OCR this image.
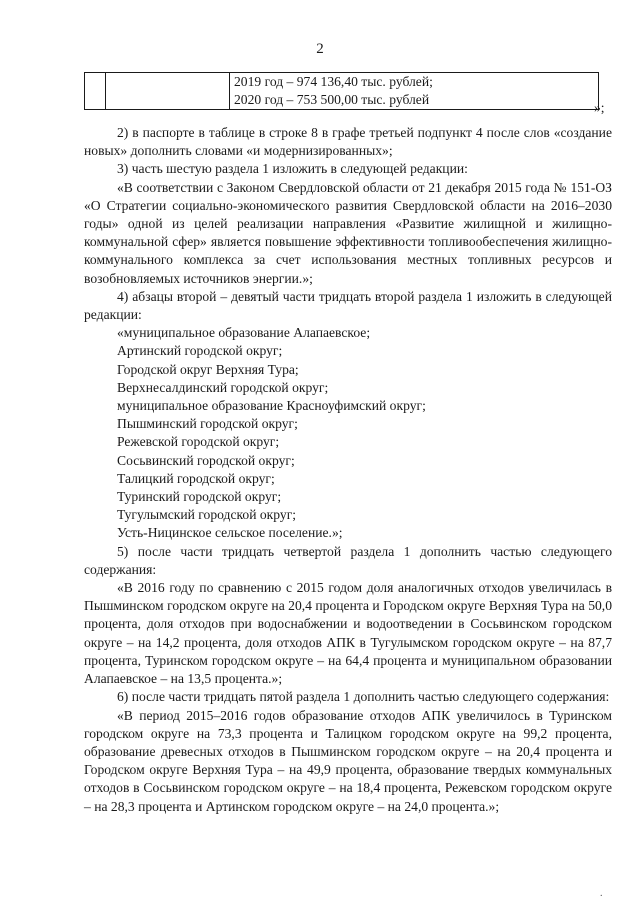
2

2019 год – 974 136,40 тыс. рублей;
2020 год – 753 500,00 тыс. рублей
»;

2) в паспорте в таблице в строке 8 в графе третьей подпункт 4 после слов «создание новых» дополнить словами «и модернизированных»;

3) часть шестую раздела 1 изложить в следующей редакции:

«В соответствии с Законом Свердловской области от 21 декабря 2015 года № 151-ОЗ «О Стратегии социально-экономического развития Свердловской области на 2016–2030 годы» одной из целей реализации направления «Развитие жилищной и жилищно-коммунальной сфер» является повышение эффективности топливообеспечения жилищно-коммунального комплекса за счет использования местных топливных ресурсов и возобновляемых источников энергии.»;

4) абзацы второй – девятый части тридцать второй раздела 1 изложить в следующей редакции:

«муниципальное образование Алапаевское;
Артинский городской округ;
Городской округ Верхняя Тура;
Верхнесалдинский городской округ;
муниципальное образование Красноуфимский округ;
Пышминский городской округ;
Режевской городской округ;
Сосьвинский городской округ;
Талицкий городской округ;
Туринский городской округ;
Тугулымский городской округ;
Усть-Ницинское сельское поселение.»;

5) после части тридцать четвертой раздела 1 дополнить частью следующего содержания:

«В 2016 году по сравнению с 2015 годом доля аналогичных отходов увеличилась в Пышминском городском округе на 20,4 процента и Городском округе Верхняя Тура на 50,0 процента, доля отходов при водоснабжении и водоотведении в Сосьвинском городском округе – на 14,2 процента, доля отходов АПК в Тугулымском городском округе – на 87,7 процента, Туринском городском округе – на 64,4 процента и муниципальном образовании Алапаевское – на 13,5 процента.»;

6) после части тридцать пятой раздела 1 дополнить частью следующего содержания:

«В период 2015–2016 годов образование отходов АПК увеличилось в Туринском городском округе на 73,3 процента и Талицком городском округе на 99,2 процента, образование древесных отходов в Пышминском городском округе – на 20,4 процента и Городском округе Верхняя Тура – на 49,9 процента, образование твердых коммунальных отходов в Сосьвинском городском округе – на 18,4 процента, Режевском городском округе – на 28,3 процента и Артинском городском округе – на 24,0 процента.»;

.
